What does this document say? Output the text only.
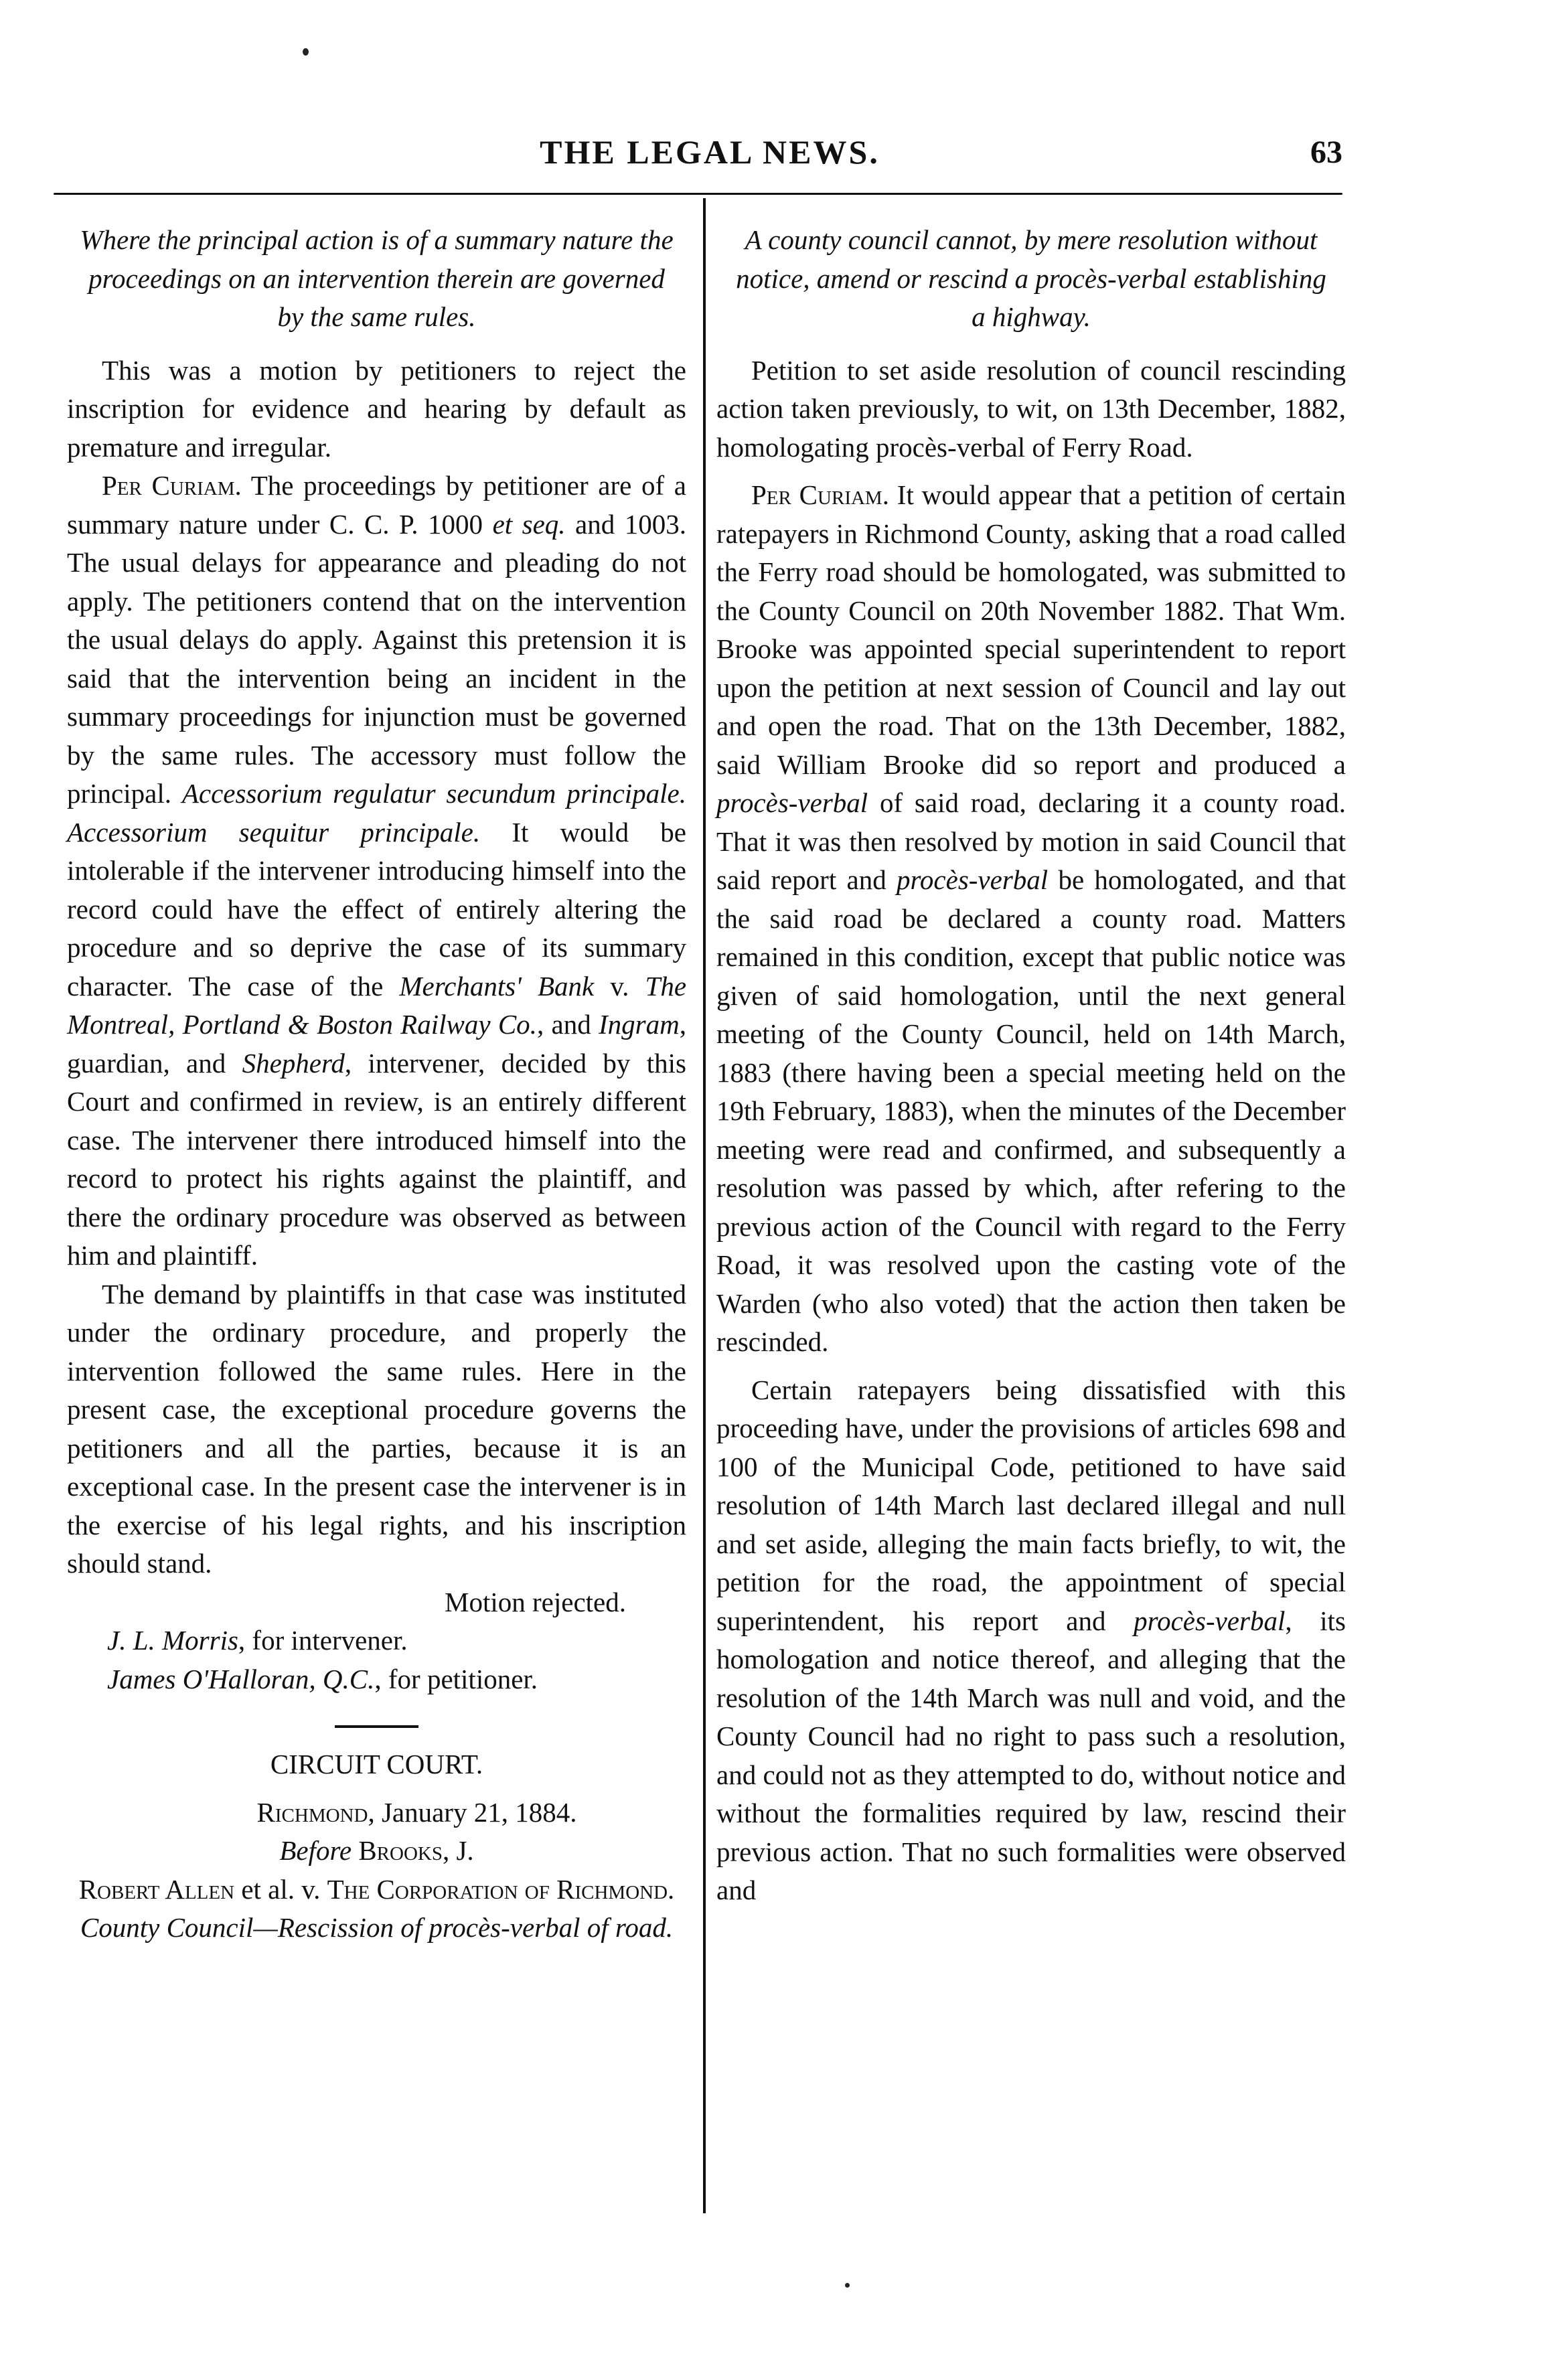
THE LEGAL NEWS.	63

Where the principal action is of a summary nature the proceedings on an intervention therein are governed by the same rules.

This was a motion by petitioners to reject the inscription for evidence and hearing by default as premature and irregular.

Per Curiam. The proceedings by petitioner are of a summary nature under C. C. P. 1000 et seq. and 1003. The usual delays for appearance and pleading do not apply. The petitioners contend that on the intervention the usual delays do apply. Against this pretension it is said that the intervention being an incident in the summary proceedings for injunction must be governed by the same rules. The accessory must follow the principal. Accessorium regulatur secundum principale. Accessorium sequitur principale. It would be intolerable if the intervener introducing himself into the record could have the effect of entirely altering the procedure and so deprive the case of its summary character. The case of the Merchants' Bank v. The Montreal, Portland & Boston Railway Co., and Ingram, guardian, and Shepherd, intervener, decided by this Court and confirmed in review, is an entirely different case. The intervener there introduced himself into the record to protect his rights against the plaintiff, and there the ordinary procedure was observed as between him and plaintiff.

The demand by plaintiffs in that case was instituted under the ordinary procedure, and properly the intervention followed the same rules. Here in the present case, the exceptional procedure governs the petitioners and all the parties, because it is an exceptional case. In the present case the intervener is in the exercise of his legal rights, and his inscription should stand.

Motion rejected.

J. L. Morris, for intervener.

James O'Halloran, Q.C., for petitioner.

CIRCUIT COURT.

Richmond, January 21, 1884.

Before Brooks, J.

Robert Allen et al. v. The Corporation of Richmond.

County Council—Rescission of procès-verbal of road.

A county council cannot, by mere resolution without notice, amend or rescind a procès-verbal establishing a highway.

Petition to set aside resolution of council rescinding action taken previously, to wit, on 13th December, 1882, homologating procès-verbal of Ferry Road.

Per Curiam. It would appear that a petition of certain ratepayers in Richmond County, asking that a road called the Ferry road should be homologated, was submitted to the County Council on 20th November 1882. That Wm. Brooke was appointed special superintendent to report upon the petition at next session of Council and lay out and open the road. That on the 13th December, 1882, said William Brooke did so report and produced a procès-verbal of said road, declaring it a county road. That it was then resolved by motion in said Council that said report and procès-verbal be homologated, and that the said road be declared a county road. Matters remained in this condition, except that public notice was given of said homologation, until the next general meeting of the County Council, held on 14th March, 1883 (there having been a special meeting held on the 19th February, 1883), when the minutes of the December meeting were read and confirmed, and subsequently a resolution was passed by which, after refering to the previous action of the Council with regard to the Ferry Road, it was resolved upon the casting vote of the Warden (who also voted) that the action then taken be rescinded.

Certain ratepayers being dissatisfied with this proceeding have, under the provisions of articles 698 and 100 of the Municipal Code, petitioned to have said resolution of 14th March last declared illegal and null and set aside, alleging the main facts briefly, to wit, the petition for the road, the appointment of special superintendent, his report and procès-verbal, its homologation and notice thereof, and alleging that the resolution of the 14th March was null and void, and the County Council had no right to pass such a resolution, and could not as they attempted to do, without notice and without the formalities required by law, rescind their previous action. That no such formalities were observed and
